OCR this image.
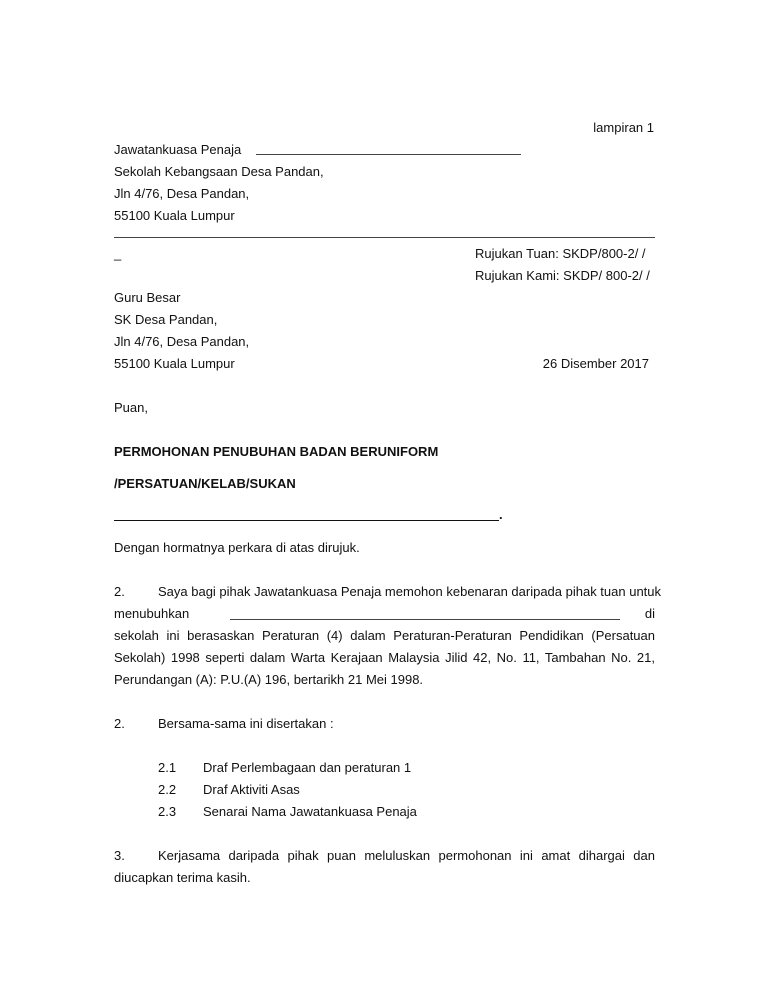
lampiran 1
Jawatankuasa Penaja
Sekolah Kebangsaan Desa Pandan,
Jln 4/76, Desa Pandan,
55100 Kuala Lumpur
_	Rujukan Tuan: SKDP/800-2/ /
Rujukan Kami: SKDP/ 800-2/ /
Guru Besar
SK Desa Pandan,
Jln 4/76, Desa Pandan,
55100 Kuala Lumpur	26 Disember 2017
Puan,
PERMOHONAN PENUBUHAN BADAN BERUNIFORM
/PERSATUAN/KELAB/SUKAN
.
Dengan hormatnya perkara di atas dirujuk.
2.	Saya bagi pihak Jawatankuasa Penaja memohon kebenaran daripada pihak tuan untuk
menubuhkan	di
sekolah ini berasaskan Peraturan (4) dalam Peraturan-Peraturan Pendidikan (Persatuan
Sekolah) 1998 seperti dalam Warta Kerajaan Malaysia Jilid 42, No. 11, Tambahan No. 21,
Perundangan (A): P.U.(A) 196, bertarikh 21 Mei 1998.
2.	Bersama-sama ini disertakan :
2.1 Draf Perlembagaan dan peraturan 1
2.2 Draf Aktiviti Asas
2.3 Senarai Nama Jawatankuasa Penaja
3.	Kerjasama daripada pihak puan meluluskan permohonan ini amat dihargai dan
diucapkan terima kasih.
